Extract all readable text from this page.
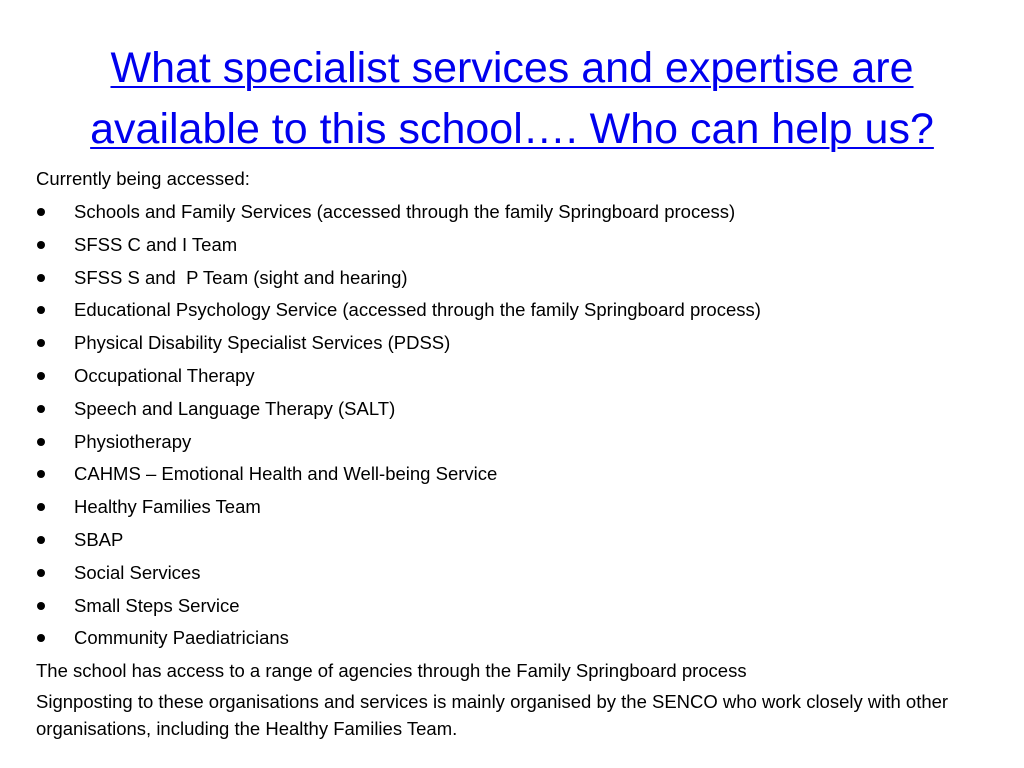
What specialist services and expertise are
available to this school…. Who can help us?
Currently being accessed:
Schools and Family Services (accessed through the family Springboard process)
SFSS C and I Team
SFSS S and  P Team (sight and hearing)
Educational Psychology Service (accessed through the family Springboard process)
Physical Disability Specialist Services (PDSS)
Occupational Therapy
Speech and Language Therapy (SALT)
Physiotherapy
CAHMS – Emotional Health and Well-being Service
Healthy Families Team
SBAP
Social Services
Small Steps Service
Community Paediatricians
The school has access to a range of agencies through the Family Springboard process
Signposting to these organisations and services is mainly organised by the SENCO who work closely with other organisations, including the Healthy Families Team.
